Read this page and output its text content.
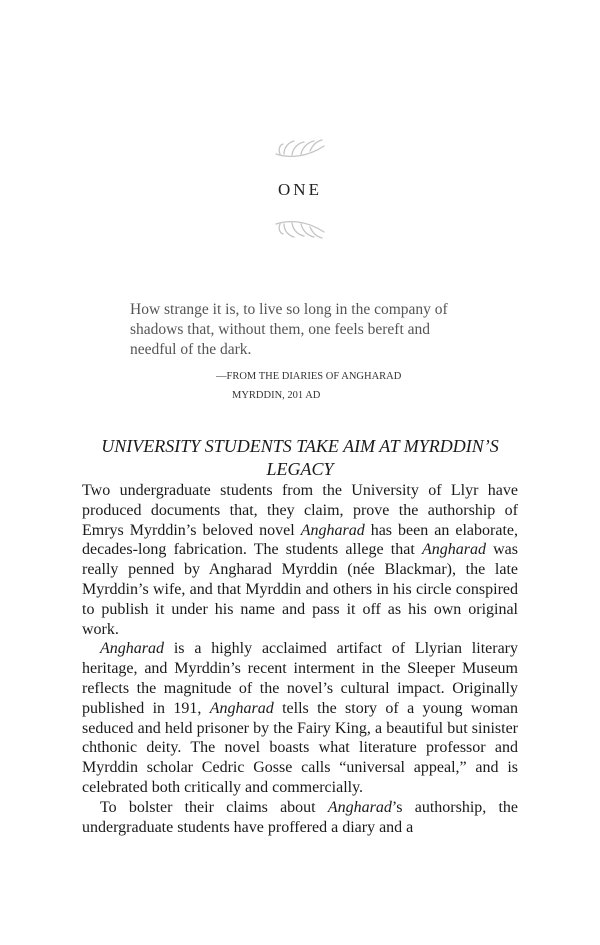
ONE
How strange it is, to live so long in the company of shadows that, without them, one feels bereft and needful of the dark.
—FROM THE DIARIES OF ANGHARAD
MYRDDIN, 201 AD
UNIVERSITY STUDENTS TAKE AIM AT MYRDDIN’S LEGACY

Two undergraduate students from the University of Llyr have produced documents that, they claim, prove the authorship of Emrys Myrddin’s beloved novel Angharad has been an elaborate, decades-long fabrication. The students allege that Angharad was really penned by Angharad Myrddin (née Blackmar), the late Myrddin’s wife, and that Myrddin and others in his circle conspired to publish it under his name and pass it off as his own original work.

Angharad is a highly acclaimed artifact of Llyrian literary heritage, and Myrddin’s recent interment in the Sleeper Museum reflects the magnitude of the novel’s cultural impact. Originally published in 191, Angharad tells the story of a young woman seduced and held prisoner by the Fairy King, a beautiful but sinister chthonic deity. The novel boasts what literature professor and Myrddin scholar Cedric Gosse calls “universal appeal,” and is celebrated both critically and commercially.

To bolster their claims about Angharad’s authorship, the undergraduate students have proffered a diary and a
